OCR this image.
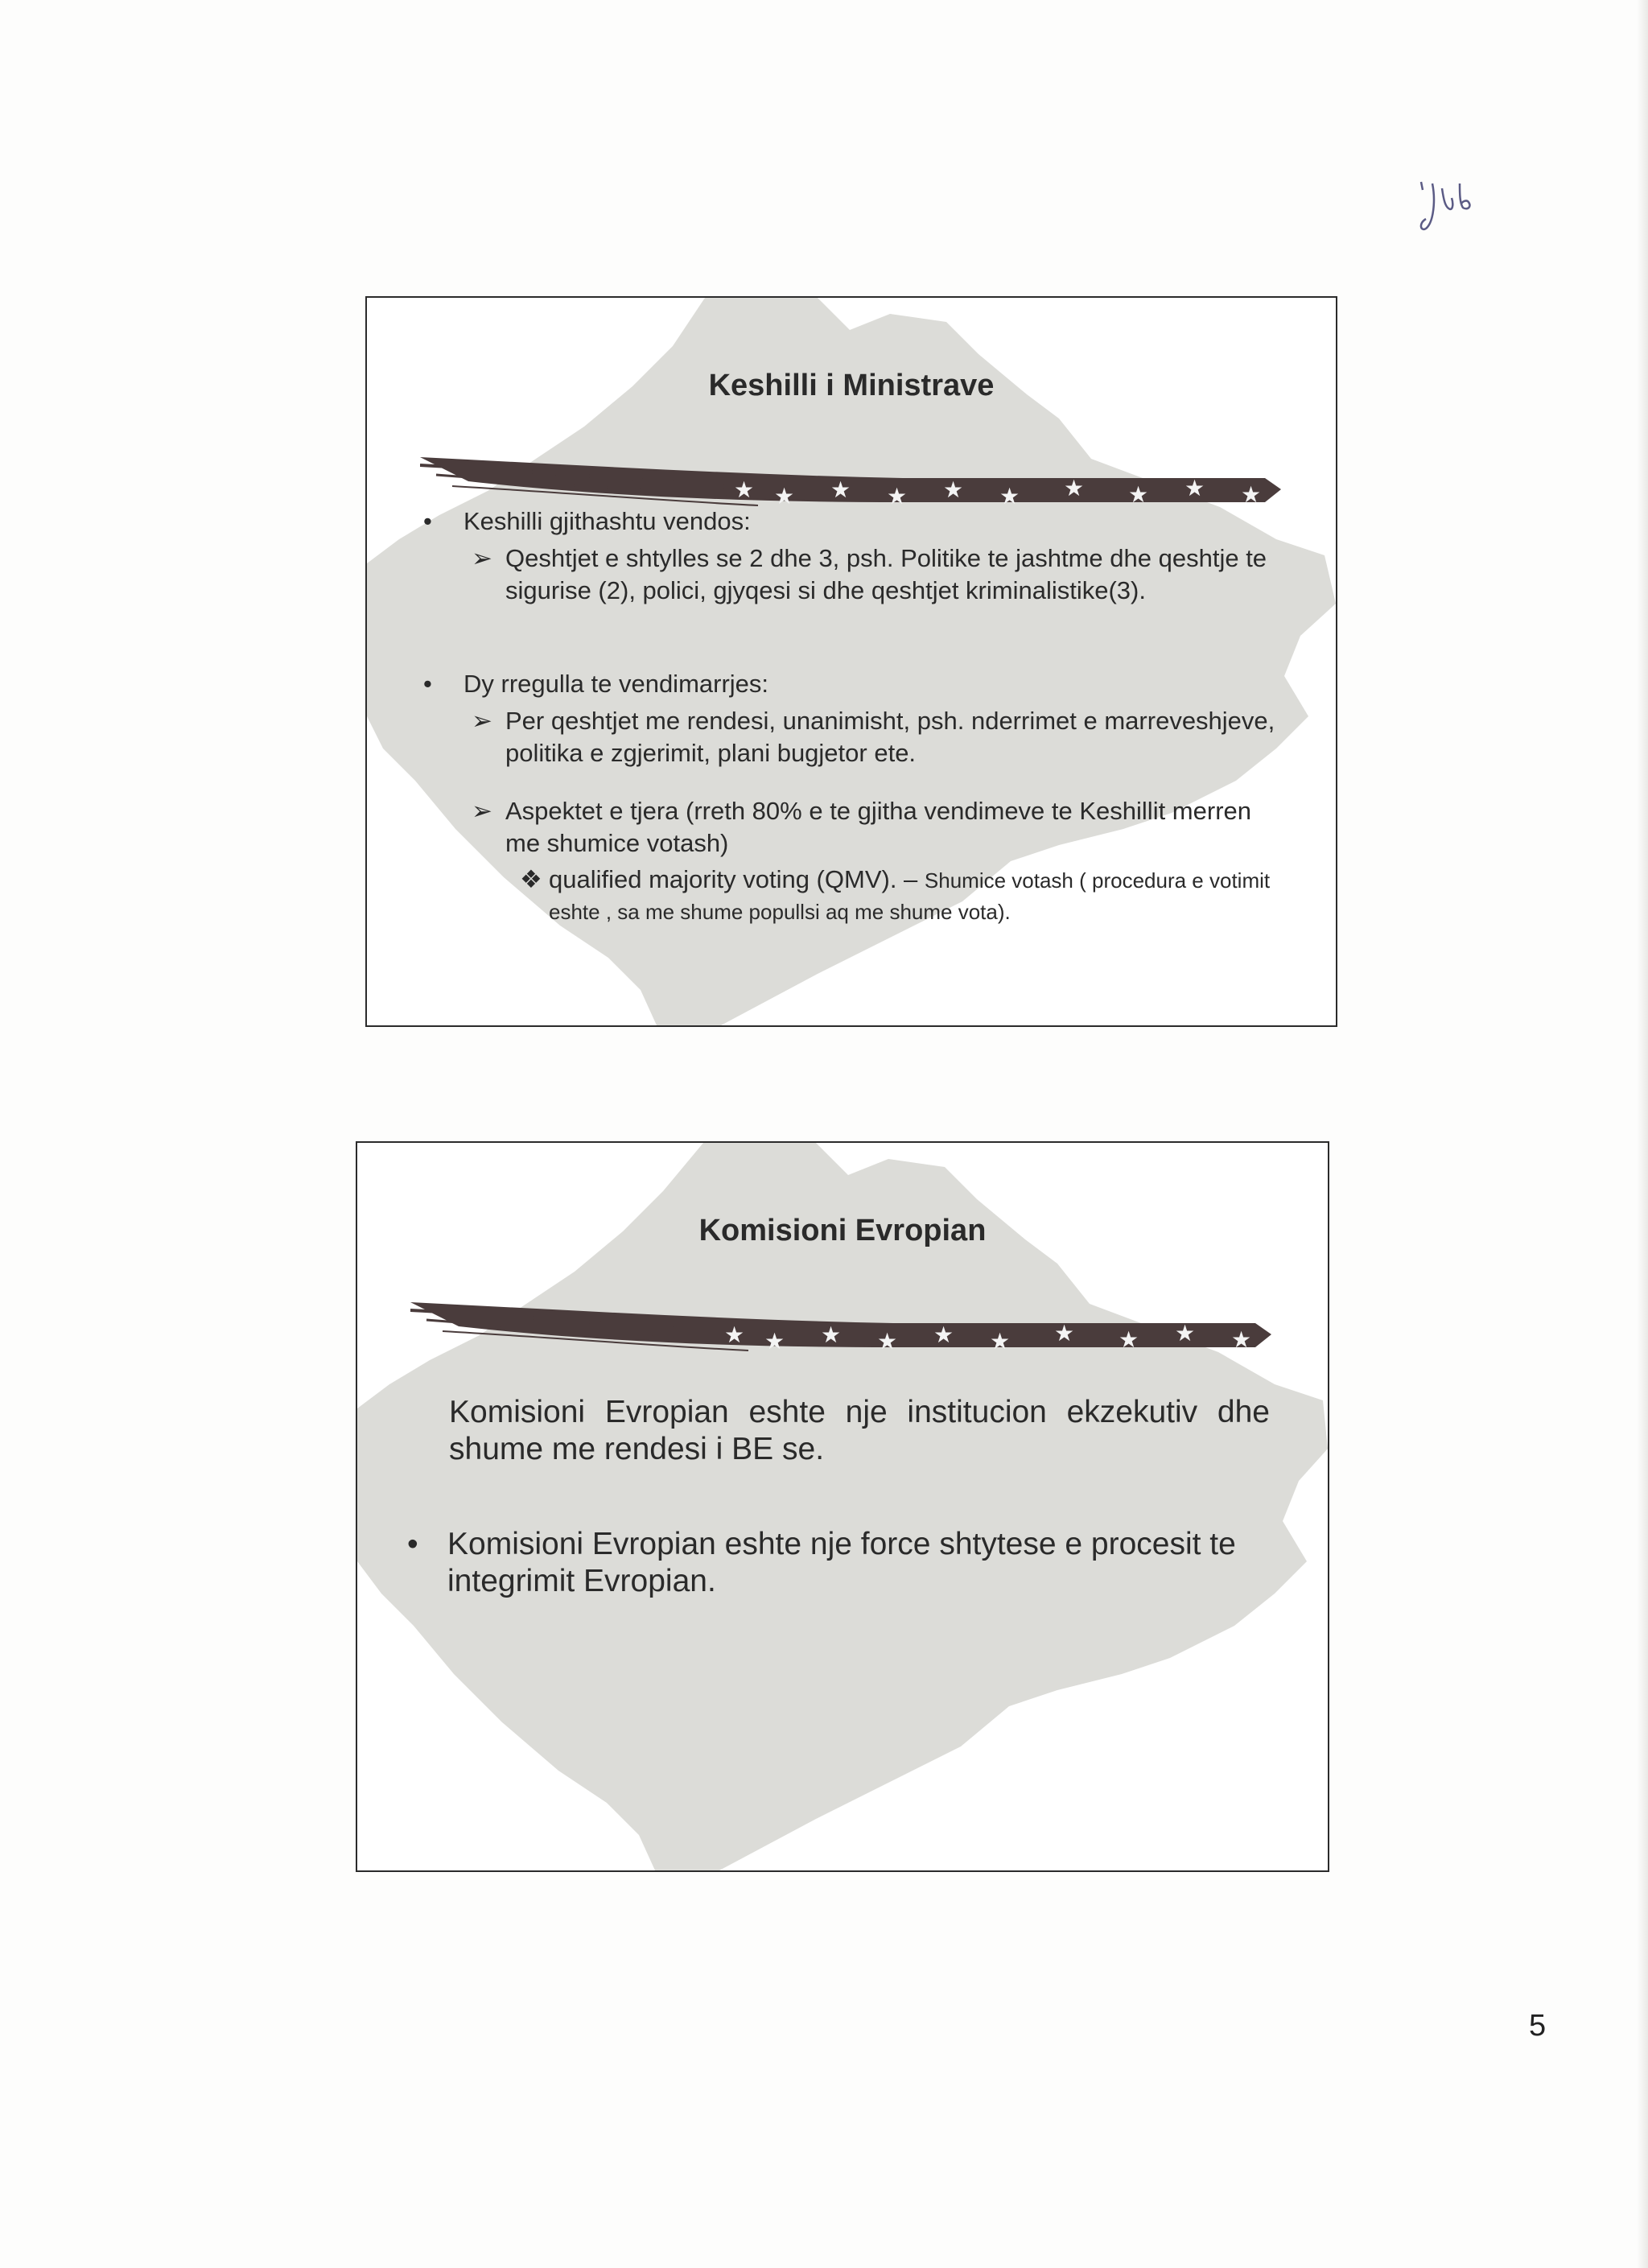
Keshilli i Ministrave
★ ★ ★ ★ ★ ★ ★ ★ ★ ★
• Keshilli gjithashtu vendos:
➢ Qeshtjet e shtylles se 2 dhe 3, psh. Politike te jashtme dhe qeshtje te sigurise (2), polici, gjyqesi si dhe qeshtjet kriminalistike(3).
• Dy rregulla te vendimarrjes:
➢ Per qeshtjet me rendesi, unanimisht, psh. nderrimet e marreveshjeve, politika e zgjerimit, plani bugjetor ete.
➢ Aspektet e tjera (rreth 80% e te gjitha vendimeve te Keshillit merren me shumice votash)
❖ qualified majority voting (QMV). – Shumice votash ( procedura e votimit eshte , sa me shume popullsi aq me shume vota).
Komisioni Evropian
★ ★ ★ ★ ★ ★ ★ ★ ★ ★
Komisioni Evropian eshte nje institucion ekzekutiv dhe shume me rendesi i BE se.
• Komisioni Evropian eshte nje force shtytese e procesit te integrimit Evropian.
5
